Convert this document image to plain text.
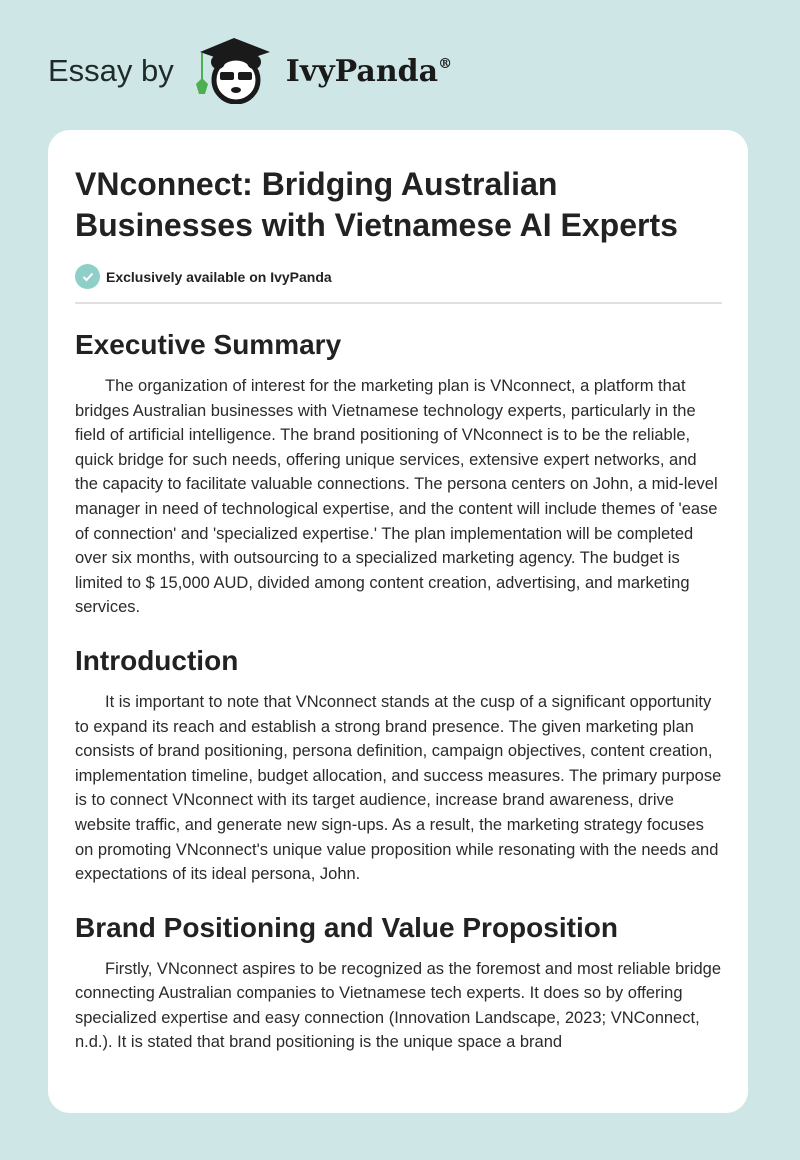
Essay by	IvyPanda®
VNconnect: Bridging Australian Businesses with Vietnamese AI Experts
Exclusively available on IvyPanda
Executive Summary

The organization of interest for the marketing plan is VNconnect, a platform that bridges Australian businesses with Vietnamese technology experts, particularly in the field of artificial intelligence. The brand positioning of VNconnect is to be the reliable, quick bridge for such needs, offering unique services, extensive expert networks, and the capacity to facilitate valuable connections. The persona centers on John, a mid-level manager in need of technological expertise, and the content will include themes of 'ease of connection' and 'specialized expertise.' The plan implementation will be completed over six months, with outsourcing to a specialized marketing agency. The budget is limited to $ 15,000 AUD, divided among content creation, advertising, and marketing services.

Introduction

It is important to note that VNconnect stands at the cusp of a significant opportunity to expand its reach and establish a strong brand presence. The given marketing plan consists of brand positioning, persona definition, campaign objectives, content creation, implementation timeline, budget allocation, and success measures. The primary purpose is to connect VNconnect with its target audience, increase brand awareness, drive website traffic, and generate new sign-ups. As a result, the marketing strategy focuses on promoting VNconnect's unique value proposition while resonating with the needs and expectations of its ideal persona, John.

Brand Positioning and Value Proposition

Firstly, VNconnect aspires to be recognized as the foremost and most reliable bridge connecting Australian companies to Vietnamese tech experts. It does so by offering specialized expertise and easy connection (Innovation Landscape, 2023; VNConnect, n.d.). It is stated that brand positioning is the unique space a brand
